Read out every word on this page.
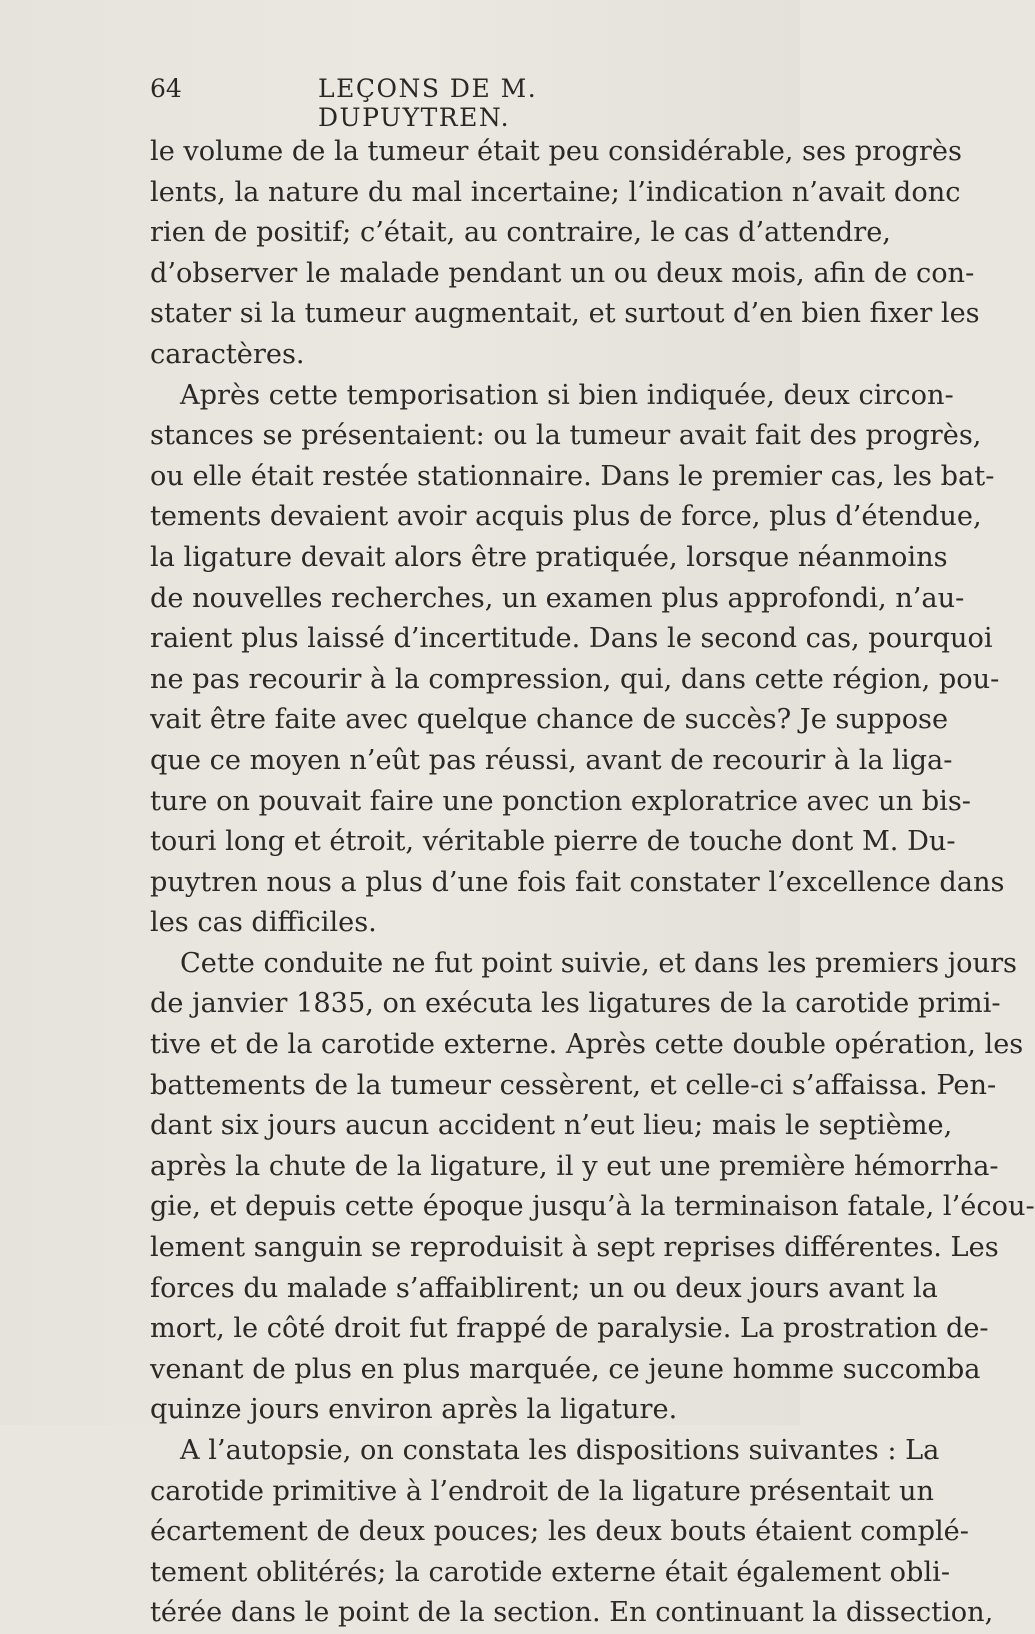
64	LEÇONS DE M. DUPUYTREN.
le volume de la tumeur était peu considérable, ses progrès
lents, la nature du mal incertaine; l’indication n’avait donc
rien de positif; c’était, au contraire, le cas d’attendre,
d’observer le malade pendant un ou deux mois, afin de con-
stater si la tumeur augmentait, et surtout d’en bien fixer les
caractères.
Après cette temporisation si bien indiquée, deux circon-
stances se présentaient: ou la tumeur avait fait des progrès,
ou elle était restée stationnaire. Dans le premier cas, les bat-
tements devaient avoir acquis plus de force, plus d’étendue,
la ligature devait alors être pratiquée, lorsque néanmoins
de nouvelles recherches, un examen plus approfondi, n’au-
raient plus laissé d’incertitude. Dans le second cas, pourquoi
ne pas recourir à la compression, qui, dans cette région, pou-
vait être faite avec quelque chance de succès? Je suppose
que ce moyen n’eût pas réussi, avant de recourir à la liga-
ture on pouvait faire une ponction exploratrice avec un bis-
touri long et étroit, véritable pierre de touche dont M. Du-
puytren nous a plus d’une fois fait constater l’excellence dans
les cas difficiles.
Cette conduite ne fut point suivie, et dans les premiers jours
de janvier 1835, on exécuta les ligatures de la carotide primi-
tive et de la carotide externe. Après cette double opération, les
battements de la tumeur cessèrent, et celle-ci s’affaissa. Pen-
dant six jours aucun accident n’eut lieu; mais le septième,
après la chute de la ligature, il y eut une première hémorrha-
gie, et depuis cette époque jusqu’à la terminaison fatale, l’écou-
lement sanguin se reproduisit à sept reprises différentes. Les
forces du malade s’affaiblirent; un ou deux jours avant la
mort, le côté droit fut frappé de paralysie. La prostration de-
venant de plus en plus marquée, ce jeune homme succomba
quinze jours environ après la ligature.
A l’autopsie, on constata les dispositions suivantes : La
carotide primitive à l’endroit de la ligature présentait un
écartement de deux pouces; les deux bouts étaient complé-
tement oblitérés; la carotide externe était également obli-
térée dans le point de la section. En continuant la dissection,
